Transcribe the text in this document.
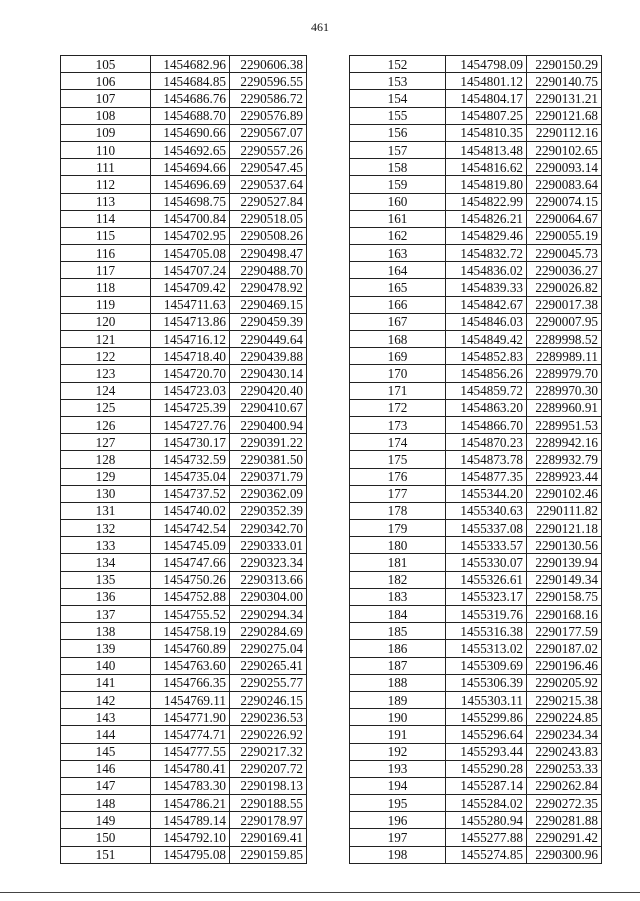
461
105	1454682.96	2290606.38
106	1454684.85	2290596.55
107	1454686.76	2290586.72
108	1454688.70	2290576.89
109	1454690.66	2290567.07
110	1454692.65	2290557.26
111	1454694.66	2290547.45
112	1454696.69	2290537.64
113	1454698.75	2290527.84
114	1454700.84	2290518.05
115	1454702.95	2290508.26
116	1454705.08	2290498.47
117	1454707.24	2290488.70
118	1454709.42	2290478.92
119	1454711.63	2290469.15
120	1454713.86	2290459.39
121	1454716.12	2290449.64
122	1454718.40	2290439.88
123	1454720.70	2290430.14
124	1454723.03	2290420.40
125	1454725.39	2290410.67
126	1454727.76	2290400.94
127	1454730.17	2290391.22
128	1454732.59	2290381.50
129	1454735.04	2290371.79
130	1454737.52	2290362.09
131	1454740.02	2290352.39
132	1454742.54	2290342.70
133	1454745.09	2290333.01
134	1454747.66	2290323.34
135	1454750.26	2290313.66
136	1454752.88	2290304.00
137	1454755.52	2290294.34
138	1454758.19	2290284.69
139	1454760.89	2290275.04
140	1454763.60	2290265.41
141	1454766.35	2290255.77
142	1454769.11	2290246.15
143	1454771.90	2290236.53
144	1454774.71	2290226.92
145	1454777.55	2290217.32
146	1454780.41	2290207.72
147	1454783.30	2290198.13
148	1454786.21	2290188.55
149	1454789.14	2290178.97
150	1454792.10	2290169.41
151	1454795.08	2290159.85
152	1454798.09	2290150.29
153	1454801.12	2290140.75
154	1454804.17	2290131.21
155	1454807.25	2290121.68
156	1454810.35	2290112.16
157	1454813.48	2290102.65
158	1454816.62	2290093.14
159	1454819.80	2290083.64
160	1454822.99	2290074.15
161	1454826.21	2290064.67
162	1454829.46	2290055.19
163	1454832.72	2290045.73
164	1454836.02	2290036.27
165	1454839.33	2290026.82
166	1454842.67	2290017.38
167	1454846.03	2290007.95
168	1454849.42	2289998.52
169	1454852.83	2289989.11
170	1454856.26	2289979.70
171	1454859.72	2289970.30
172	1454863.20	2289960.91
173	1454866.70	2289951.53
174	1454870.23	2289942.16
175	1454873.78	2289932.79
176	1454877.35	2289923.44
177	1455344.20	2290102.46
178	1455340.63	2290111.82
179	1455337.08	2290121.18
180	1455333.57	2290130.56
181	1455330.07	2290139.94
182	1455326.61	2290149.34
183	1455323.17	2290158.75
184	1455319.76	2290168.16
185	1455316.38	2290177.59
186	1455313.02	2290187.02
187	1455309.69	2290196.46
188	1455306.39	2290205.92
189	1455303.11	2290215.38
190	1455299.86	2290224.85
191	1455296.64	2290234.34
192	1455293.44	2290243.83
193	1455290.28	2290253.33
194	1455287.14	2290262.84
195	1455284.02	2290272.35
196	1455280.94	2290281.88
197	1455277.88	2290291.42
198	1455274.85	2290300.96
